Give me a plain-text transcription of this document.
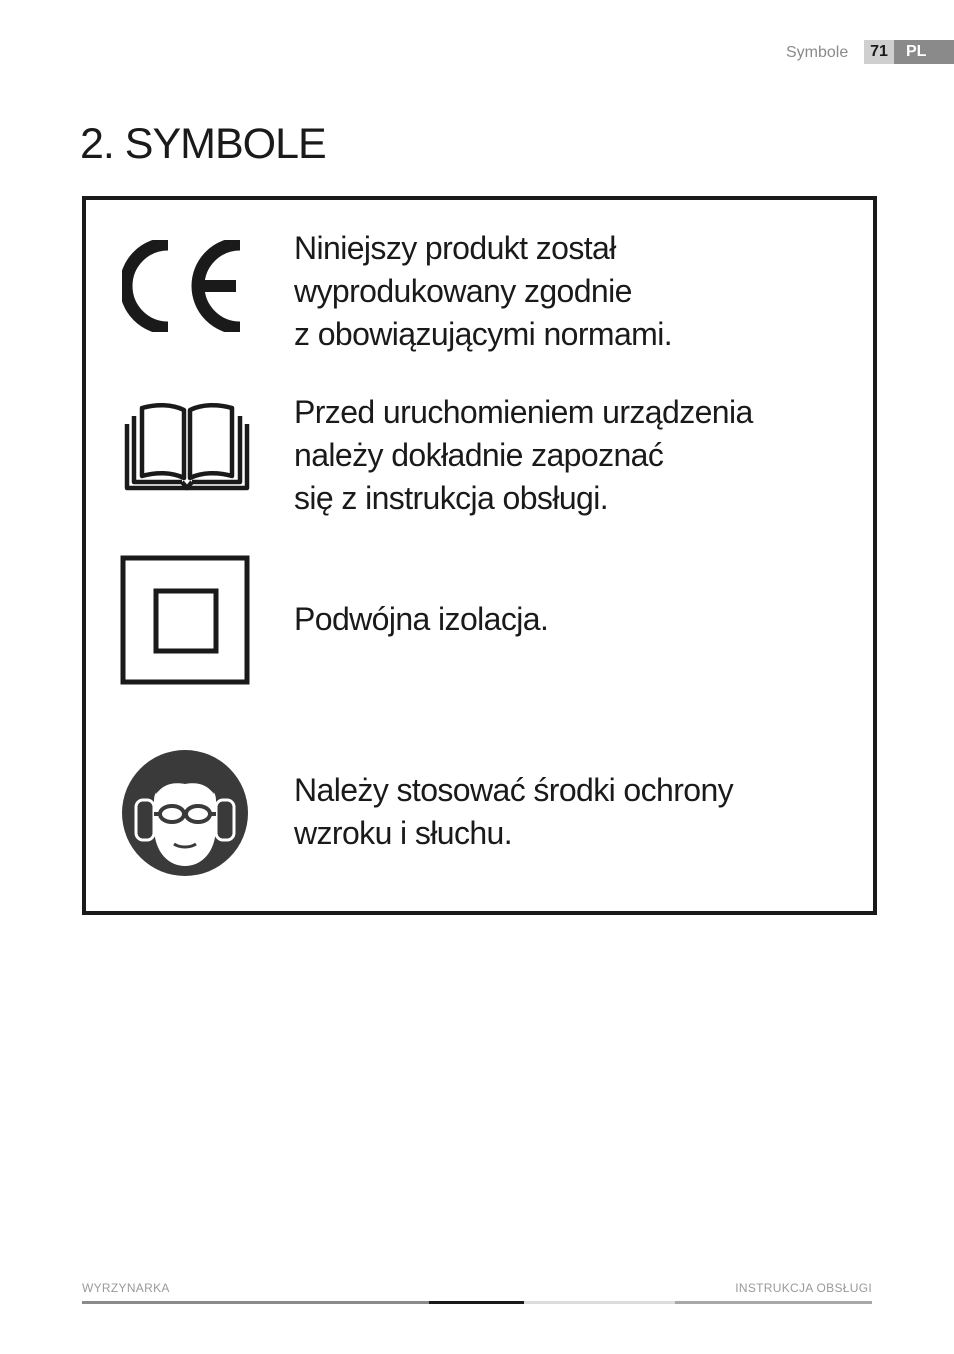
Symbole	71	PL
2. SYMBOLE
Niniejszy produkt został
wyprodukowany zgodnie
z obowiązującymi normami.
Przed uruchomieniem urządzenia
należy dokładnie zapoznać
się z instrukcja obsługi.
Podwójna izolacja.
Należy stosować środki ochrony
wzroku i słuchu.
WYRZYNARKA	INSTRUKCJA OBSŁUGI
